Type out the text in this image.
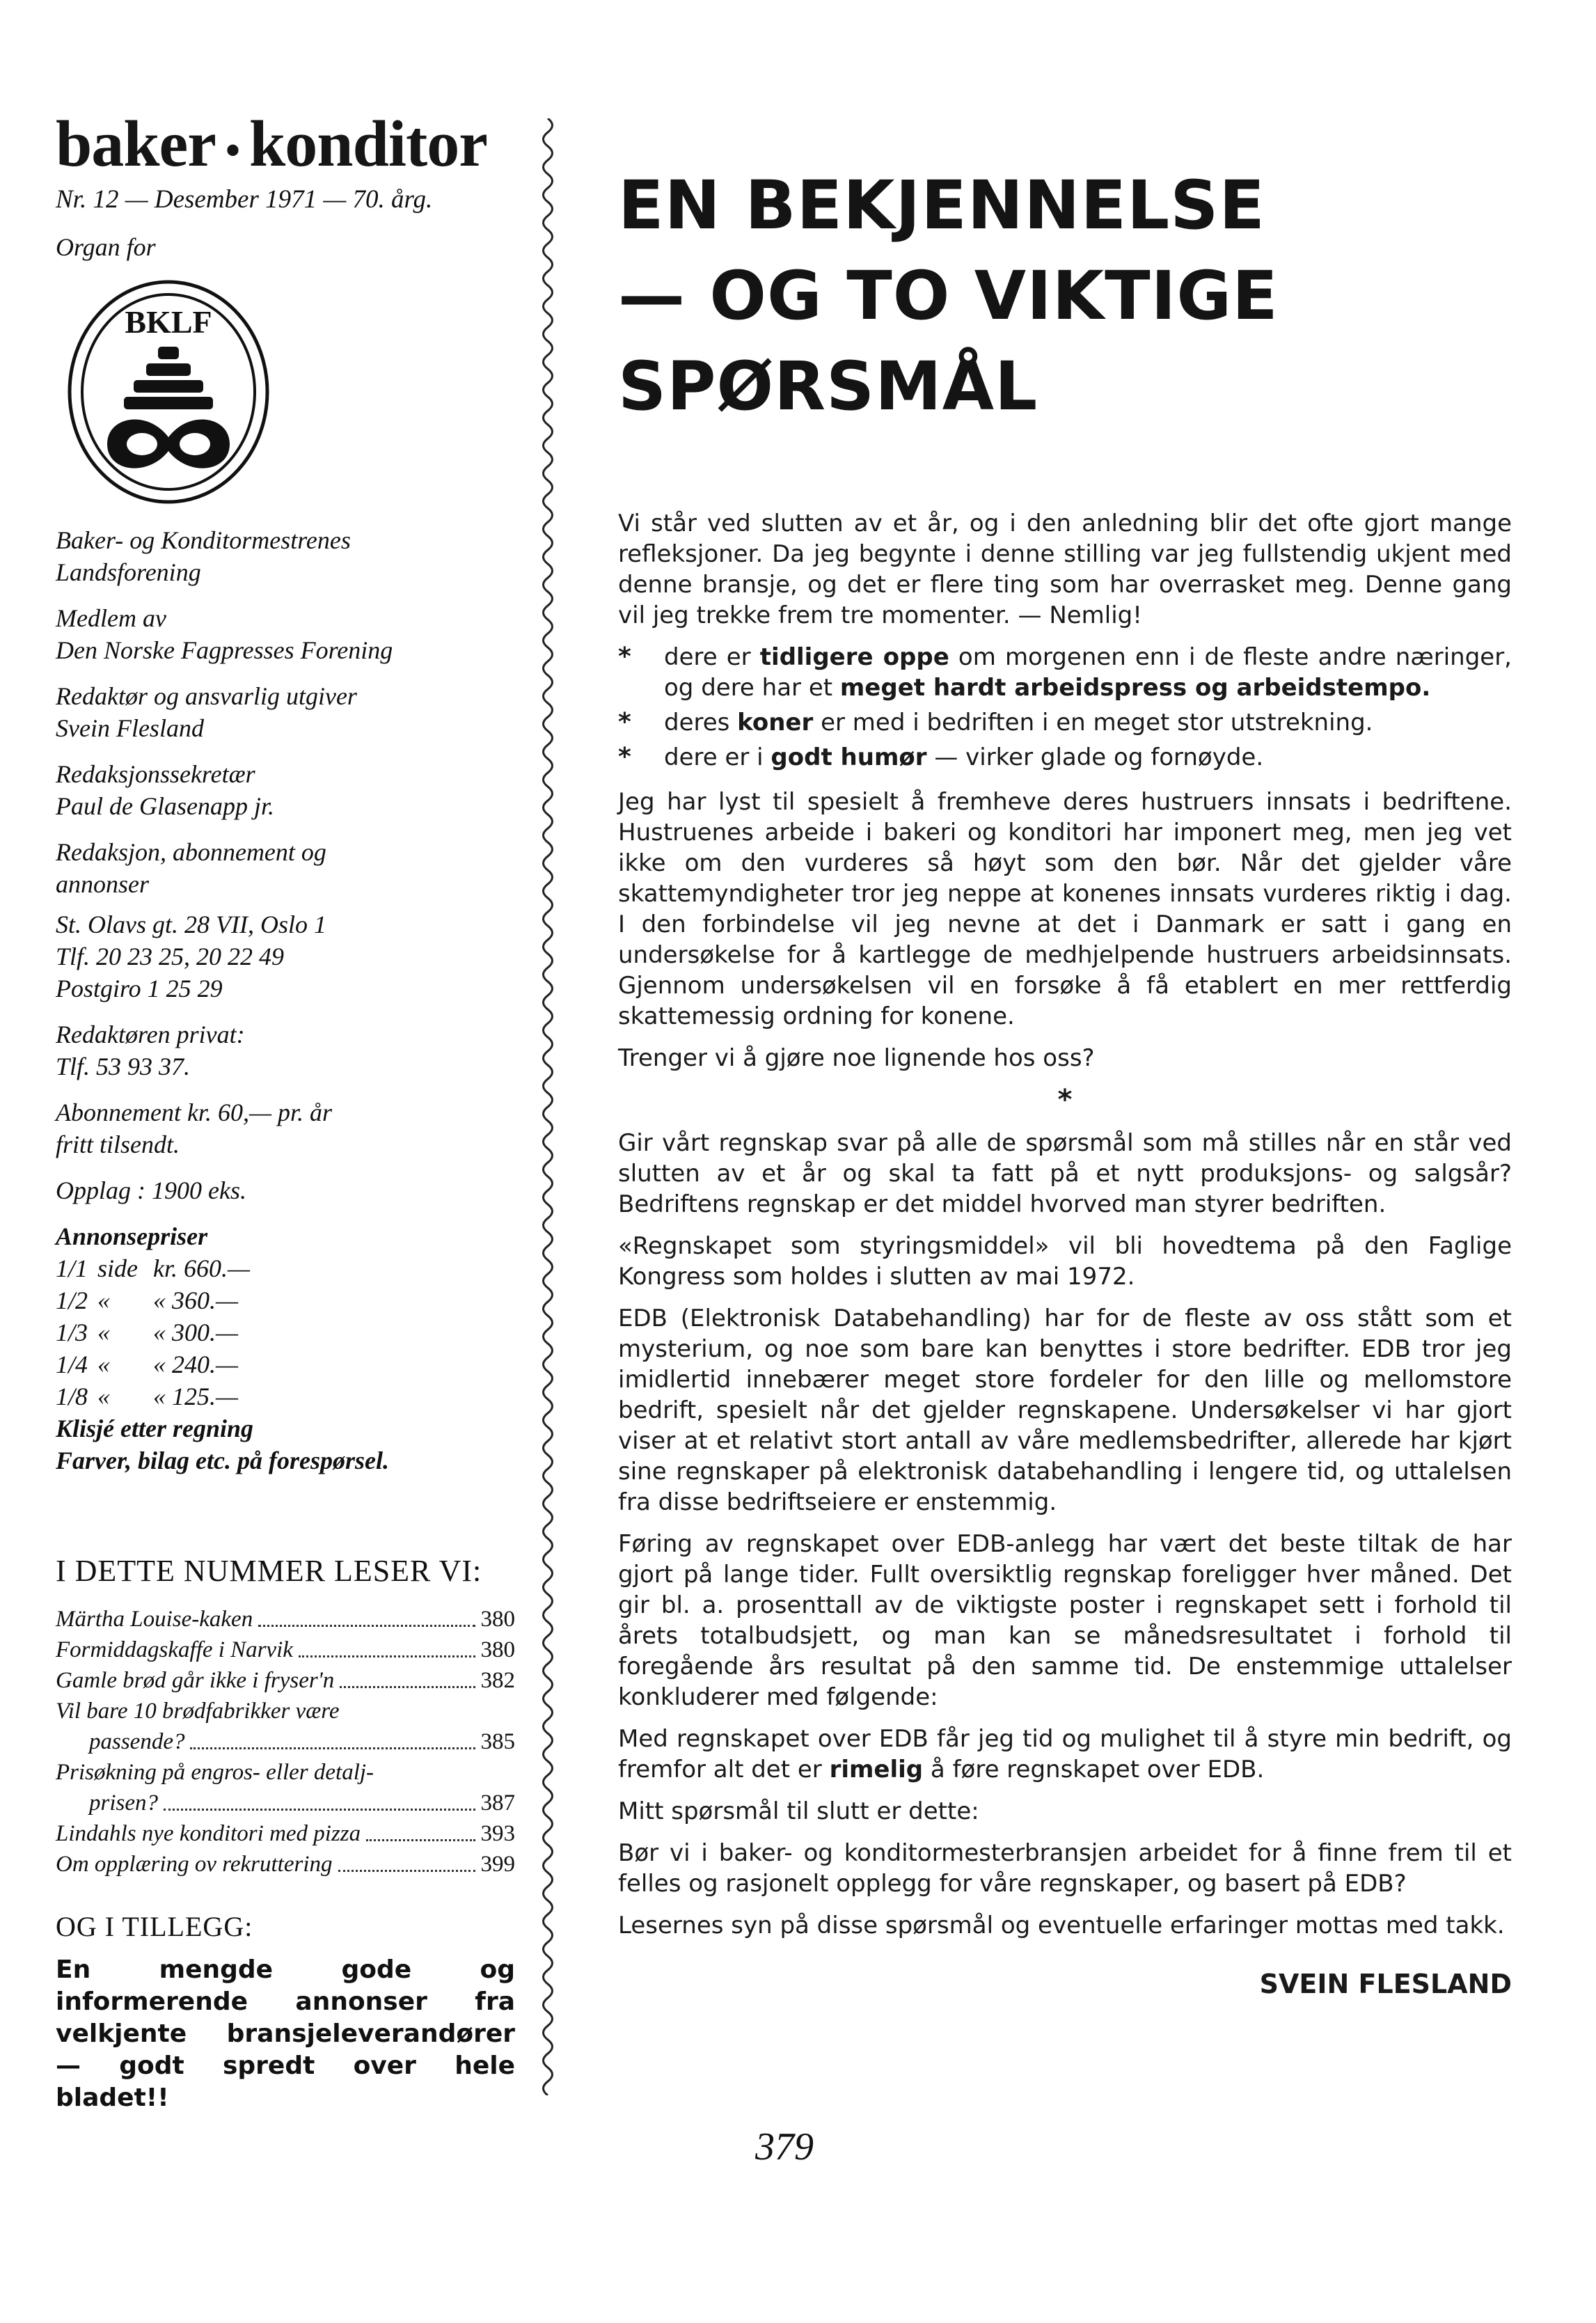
baker • konditor
Nr. 12 — Desember 1971 — 70. årg.
Organ for
BKLF
Baker- og Konditormestrenes
Landsforening
Medlem av
Den Norske Fagpresses Forening
Redaktør og ansvarlig utgiver
Svein Flesland
Redaksjonssekretær
Paul de Glasenapp jr.
Redaksjon, abonnement og
annonser
St. Olavs gt. 28 VII, Oslo 1
Tlf. 20 23 25, 20 22 49
Postgiro 1 25 29
Redaktøren privat:
Tlf. 53 93 37.
Abonnement kr. 60,— pr. år
fritt tilsendt.
Opplag : 1900 eks.
Annonsepriser
1/1 side kr. 660.—
1/2 «	« 360.—
1/3 «	« 300.—
1/4 «	« 240.—
1/8 «	« 125.—
Klisjé etter regning
Farver, bilag etc. på forespørsel.
I DETTE NUMMER LESER VI:
Märtha Louise-kaken	380
Formiddagskaffe i Narvik	380
Gamle brød går ikke i fryser'n	382
Vil bare 10 brødfabrikker være
passende?	385
Prisøkning på engros- eller detalj-
prisen?	387
Lindahls nye konditori med pizza	393
Om opplæring ov rekruttering	399
OG I TILLEGG:
En mengde gode og informerende annonser fra velkjente bransjeleverandører — godt spredt over hele bladet!!
EN BEKJENNELSE
— OG TO VIKTIGE
SPØRSMÅL

Vi står ved slutten av et år, og i den anledning blir det ofte gjort mange refleksjoner. Da jeg begynte i denne stilling var jeg fullstendig ukjent med denne bransje, og det er flere ting som har overrasket meg. Denne gang vil jeg trekke frem tre momenter. — Nemlig!

*	dere er tidligere oppe om morgenen enn i de fleste andre næringer, og dere har et meget hardt arbeidspress og arbeidstempo.
*	deres koner er med i bedriften i en meget stor utstrekning.
*	dere er i godt humør — virker glade og fornøyde.

Jeg har lyst til spesielt å fremheve deres hustruers innsats i bedriftene. Hustruenes arbeide i bakeri og konditori har imponert meg, men jeg vet ikke om den vurderes så høyt som den bør. Når det gjelder våre skattemyndigheter tror jeg neppe at konenes innsats vurderes riktig i dag. I den forbindelse vil jeg nevne at det i Danmark er satt i gang en undersøkelse for å kartlegge de medhjelpende hustruers arbeidsinnsats. Gjennom undersøkelsen vil en forsøke å få etablert en mer rettferdig skattemessig ordning for konene.

Trenger vi å gjøre noe lignende hos oss?

*

Gir vårt regnskap svar på alle de spørsmål som må stilles når en står ved slutten av et år og skal ta fatt på et nytt produksjons- og salgsår? Bedriftens regnskap er det middel hvorved man styrer bedriften.

«Regnskapet som styringsmiddel» vil bli hovedtema på den Faglige Kongress som holdes i slutten av mai 1972.

EDB (Elektronisk Databehandling) har for de fleste av oss stått som et mysterium, og noe som bare kan benyttes i store bedrifter. EDB tror jeg imidlertid innebærer meget store fordeler for den lille og mellomstore bedrift, spesielt når det gjelder regnskapene. Undersøkelser vi har gjort viser at et relativt stort antall av våre medlemsbedrifter, allerede har kjørt sine regnskaper på elektronisk databehandling i lengere tid, og uttalelsen fra disse bedriftseiere er enstemmig.

Føring av regnskapet over EDB-anlegg har vært det beste tiltak de har gjort på lange tider. Fullt oversiktlig regnskap foreligger hver måned. Det gir bl. a. prosenttall av de viktigste poster i regnskapet sett i forhold til årets totalbudsjett, og man kan se månedsresultatet i forhold til foregående års resultat på den samme tid. De enstemmige uttalelser konkluderer med følgende:

Med regnskapet over EDB får jeg tid og mulighet til å styre min bedrift, og fremfor alt det er rimelig å føre regnskapet over EDB.

Mitt spørsmål til slutt er dette:

Bør vi i baker- og konditormesterbransjen arbeidet for å finne frem til et felles og rasjonelt opplegg for våre regnskaper, og basert på EDB?

Lesernes syn på disse spørsmål og eventuelle erfaringer mottas med takk.

SVEIN FLESLAND
379
